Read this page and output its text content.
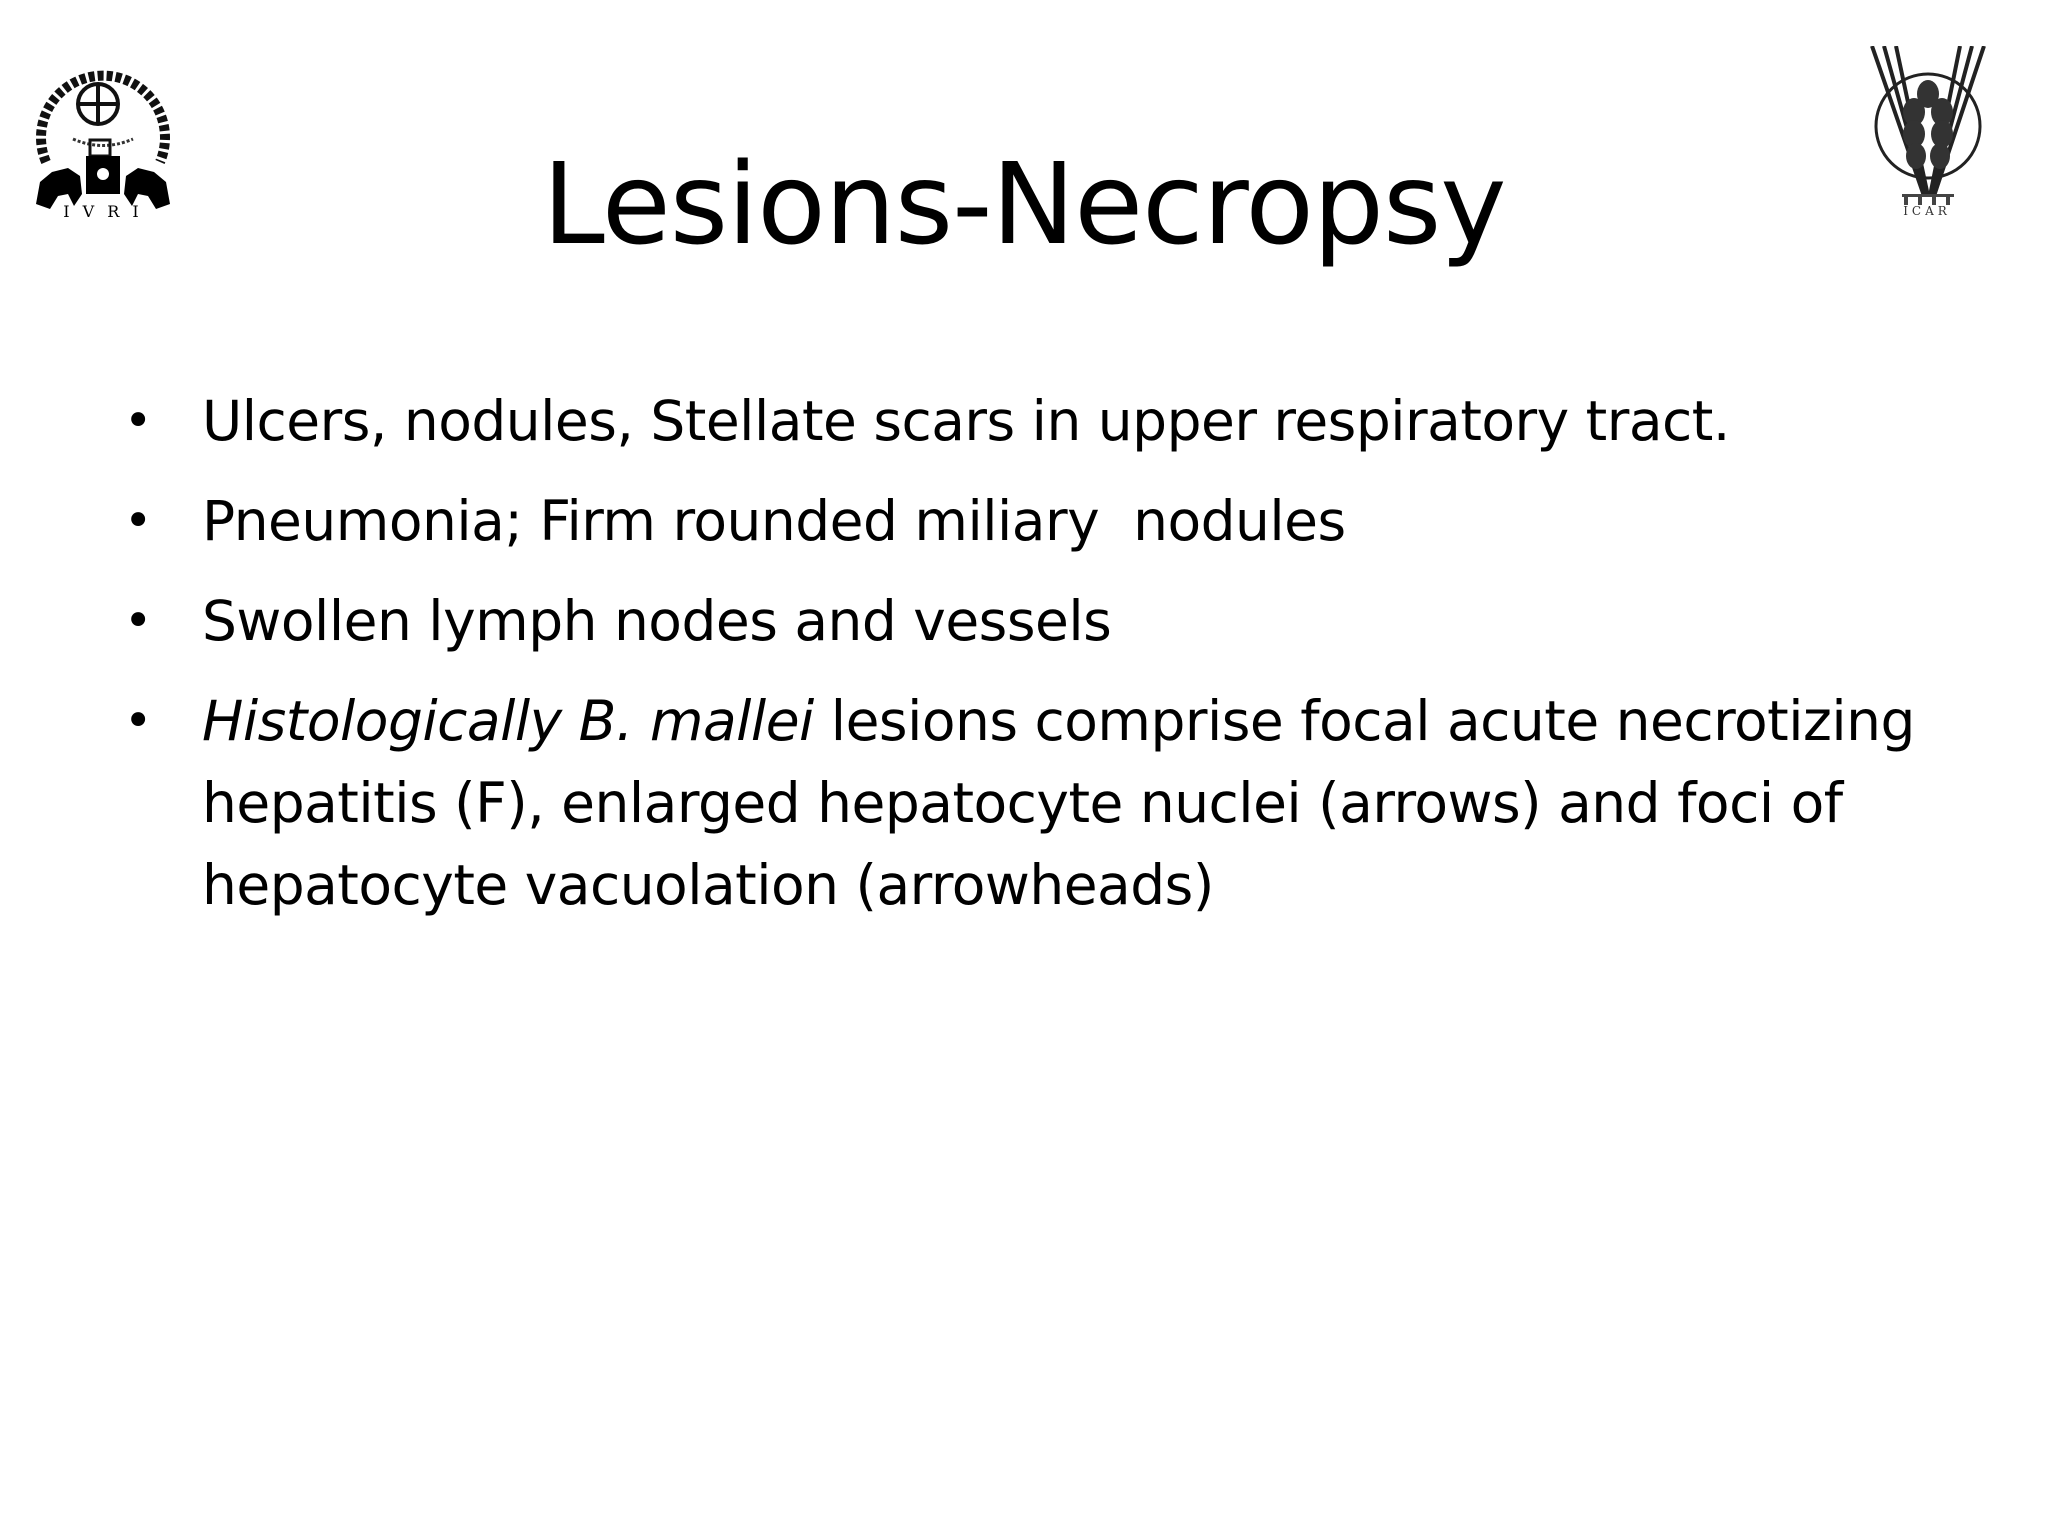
I V R I	ICAR
Lesions-Necropsy
• Ulcers, nodules, Stellate scars in upper respiratory tract.
• Pneumonia; Firm rounded miliary  nodules
• Swollen lymph nodes and vessels
• Histologically B. mallei lesions comprise focal acute necrotizing hepatitis (F), enlarged hepatocyte nuclei (arrows) and foci of hepatocyte vacuolation (arrowheads)
